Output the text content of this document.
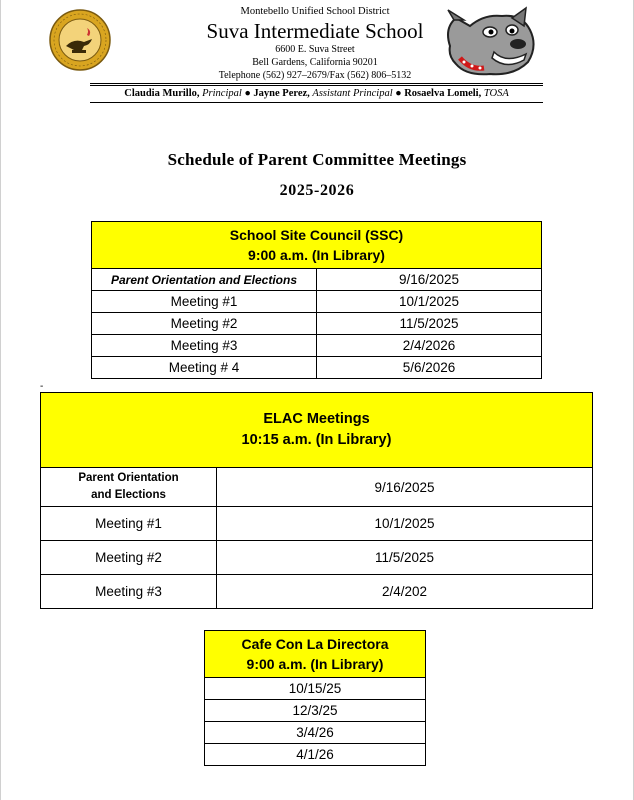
Montebello Unified School District
Suva Intermediate School
6600 E. Suva Street
Bell Gardens, California 90201
Telephone (562) 927–2679/Fax (562) 806–5132
Claudia Murillo, Principal ● Jayne Perez, Assistant Principal ● Rosaelva Lomeli, TOSA
Schedule of Parent Committee Meetings
2025-2026
School Site Council (SSC)
9:00 a.m. (In Library)	

Parent Orientation and Elections	9/16/2025
Meeting #1	10/1/2025
Meeting #2	11/5/2025
Meeting #3	2/4/2026
Meeting # 4	5/6/2026
-
ELAC Meetings
10:15 a.m. (In Library)	

Parent Orientation
and Elections	9/16/2025
Meeting #1	10/1/2025
Meeting #2	11/5/2025
Meeting #3	2/4/202
Cafe Con La Directora
9:00 a.m. (In Library)

10/15/25
12/3/25
3/4/26
4/1/26
